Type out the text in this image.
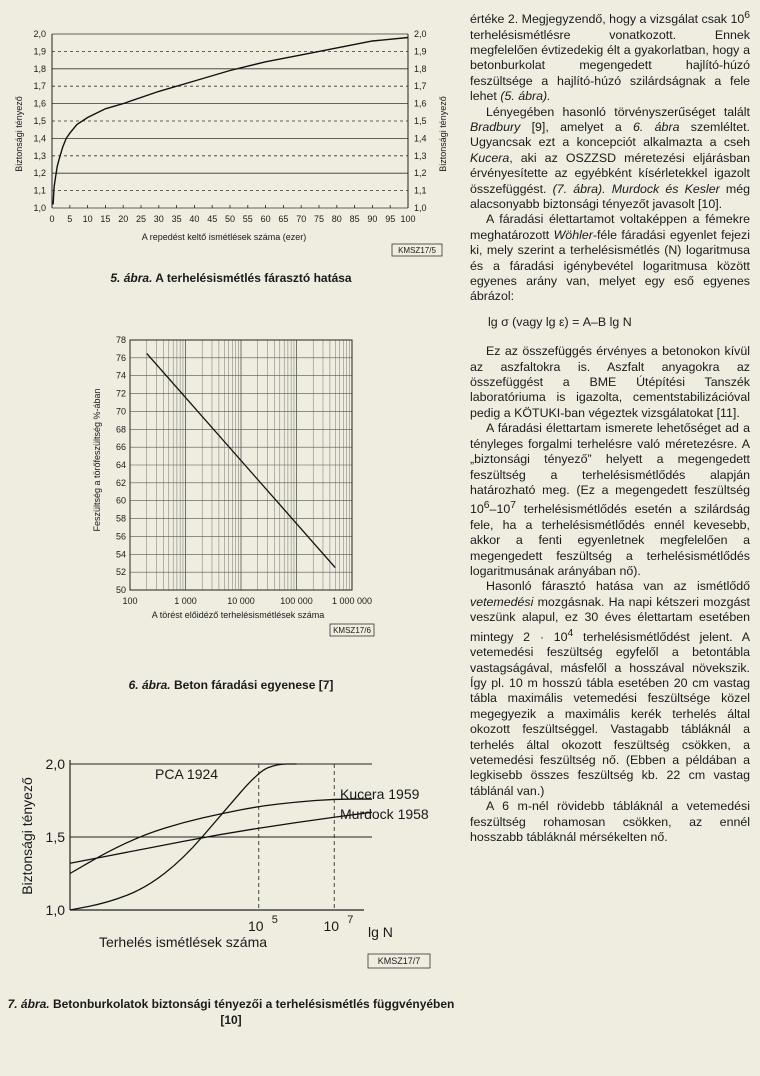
1,0	1,0
1,1	1,1
1,2	1,2
1,3	1,3
1,4	1,4
1,5	1,5
1,6	1,6
1,7	1,7
1,8	1,8
1,9	1,9
2,0	2,0
0 5 10 15 20 25 30 35 40 45 50 55 60 65 70 75 80 85 90 95 100
Biztonsági tényező	Biztonsági tényező
A repedést keltő ismétlések száma (ezer)
KMSZ17/5
5. ábra. A terhelésismétlés fárasztó hatása
50
52
54
56
58
60
62
64
66
68
70
72
74
76
78
100	1 000	10 000	100 000 1 000 000
Feszültség a törőfeszültség %-ában
A törést előidéző terhelésismétlések száma
KMSZ17/6
6. ábra. Beton fáradási egyenese [7]
1,0
1,5
2,0
10 5	10 7
PCA 1924
Kucera 1959
Murdock 1958
Biztonsági tényező
Terhelés ismétlések száma
lg N
KMSZ17/7
7. ábra. Betonburkolatok biztonsági tényezői a terhelésismétlés függvényében [10]

értéke 2. Megjegyzendő, hogy a vizsgálat csak $10^6$ terhelésismétlésre vonatkozott. Ennek megfelelően évtizedekig élt a gyakorlatban, hogy a betonburkolat megengedett hajlító-húzó feszültsége a hajlító-húzó szilárdságnak a fele lehet (5. ábra).

Lényegében hasonló törvényszerűséget talált Bradbury [9], amelyet a 6. ábra szemléltet. Ugyancsak ezt a koncepciót alkalmazta a cseh Kucera, aki az OSZZSD méretezési eljárásban érvényesítette az egyébként kísérletekkel igazolt összefüggést. (7. ábra). Murdock és Kesler még alacsonyabb biztonsági tényezőt javasolt [10].

A fáradási élettartamot voltaképpen a fémekre meghatározott Wöhler-féle fáradási egyenlet fejezi ki, mely szerint a terhelésismétlés (N) logaritmusa és a fáradási igénybevétel logaritmusa között egyenes arány van, melyet egy eső egyenes ábrázol:

lg σ (vagy lg ε) = A–B lg N

Ez az összefüggés érvényes a betonokon kívül az aszfaltokra is. Aszfalt anyagokra az összefüggést a BME Útépítési Tanszék laboratóriuma is igazolta, cementstabilizációval pedig a KÖTUKI-ban végeztek vizsgálatokat [11].

A fáradási élettartam ismerete lehetőséget ad a tényleges forgalmi terhelésre való méretezésre. A „biztonsági tényező” helyett a megengedett feszültség a terhelésismétlődés alapján határozható meg. (Ez a megengedett feszültség $10^6-10^7$ terhelésismétlődés esetén a szilárdság fele, ha a terhelésismétlődés ennél kevesebb, akkor a fenti egyenletnek megfelelően a megengedett feszültség a terhelésismétlődés logaritmusának arányában nő).

Hasonló fárasztó hatása van az ismétlődő vetemedési mozgásnak. Ha napi kétszeri mozgást veszünk alapul, ez 30 éves élettartam esetében mintegy $2 \cdot 10^4$ terhelésismétlődést jelent. A vetemedési feszültség egyfelől a betontábla vastagságával, másfelől a hosszával növekszik. Így pl. 10 m hosszú tábla esetében 20 cm vastag tábla maximális vetemedési feszültsége közel megegyezik a maximális kerék terhelés által okozott feszültséggel. Vastagabb tábláknál a terhelés által okozott feszültség csökken, a vetemedési feszültség nő. (Ebben a példában a legkisebb összes feszültség kb. 22 cm vastag táblánál van.)

A 6 m-nél rövidebb tábláknál a vetemedési feszültség rohamosan csökken, az ennél hosszabb tábláknál mérsékelten nő.
